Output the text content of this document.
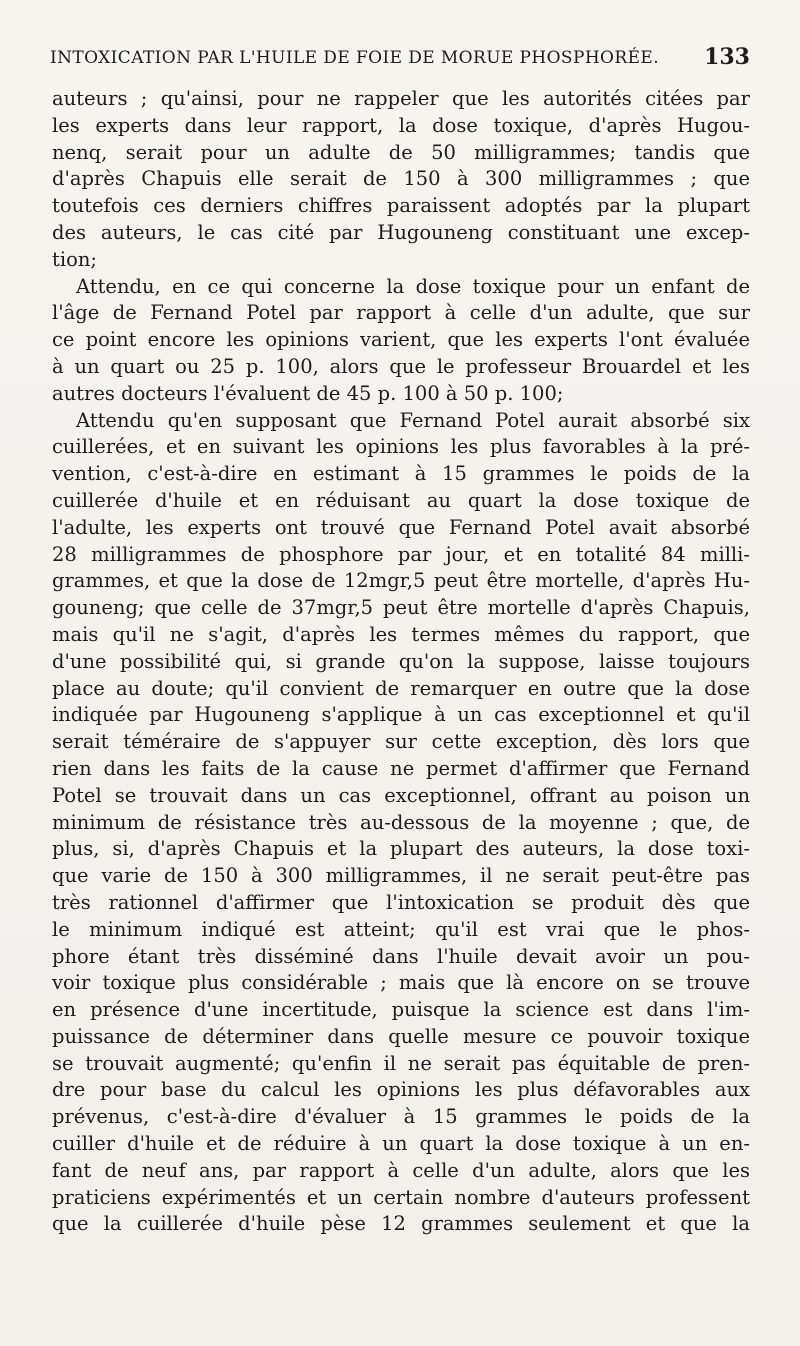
INTOXICATION PAR L'HUILE DE FOIE DE MORUE PHOSPHORÉE. 133
auteurs ; qu'ainsi, pour ne rappeler que les autorités citées par
les experts dans leur rapport, la dose toxique, d'après Hugou-
nenq, serait pour un adulte de 50 milligrammes; tandis que
d'après Chapuis elle serait de 150 à 300 milligrammes ; que
toutefois ces derniers chiffres paraissent adoptés par la plupart
des auteurs, le cas cité par Hugouneng constituant une excep-
tion;
Attendu, en ce qui concerne la dose toxique pour un enfant de
l'âge de Fernand Potel par rapport à celle d'un adulte, que sur
ce point encore les opinions varient, que les experts l'ont évaluée
à un quart ou 25 p. 100, alors que le professeur Brouardel et les
autres docteurs l'évaluent de 45 p. 100 à 50 p. 100;
Attendu qu'en supposant que Fernand Potel aurait absorbé six
cuillerées, et en suivant les opinions les plus favorables à la pré-
vention, c'est-à-dire en estimant à 15 grammes le poids de la
cuillerée d'huile et en réduisant au quart la dose toxique de
l'adulte, les experts ont trouvé que Fernand Potel avait absorbé
28 milligrammes de phosphore par jour, et en totalité 84 milli-
grammes, et que la dose de 12mgr,5 peut être mortelle, d'après Hu-
gouneng; que celle de 37mgr,5 peut être mortelle d'après Chapuis,
mais qu'il ne s'agit, d'après les termes mêmes du rapport, que
d'une possibilité qui, si grande qu'on la suppose, laisse toujours
place au doute; qu'il convient de remarquer en outre que la dose
indiquée par Hugouneng s'applique à un cas exceptionnel et qu'il
serait téméraire de s'appuyer sur cette exception, dès lors que
rien dans les faits de la cause ne permet d'affirmer que Fernand
Potel se trouvait dans un cas exceptionnel, offrant au poison un
minimum de résistance très au-dessous de la moyenne ; que, de
plus, si, d'après Chapuis et la plupart des auteurs, la dose toxi-
que varie de 150 à 300 milligrammes, il ne serait peut-être pas
très rationnel d'affirmer que l'intoxication se produit dès que
le minimum indiqué est atteint; qu'il est vrai que le phos-
phore étant très disséminé dans l'huile devait avoir un pou-
voir toxique plus considérable ; mais que là encore on se trouve
en présence d'une incertitude, puisque la science est dans l'im-
puissance de déterminer dans quelle mesure ce pouvoir toxique
se trouvait augmenté; qu'enfin il ne serait pas équitable de pren-
dre pour base du calcul les opinions les plus défavorables aux
prévenus, c'est-à-dire d'évaluer à 15 grammes le poids de la
cuiller d'huile et de réduire à un quart la dose toxique à un en-
fant de neuf ans, par rapport à celle d'un adulte, alors que les
praticiens expérimentés et un certain nombre d'auteurs professent
que la cuillerée d'huile pèse 12 grammes seulement et que la
